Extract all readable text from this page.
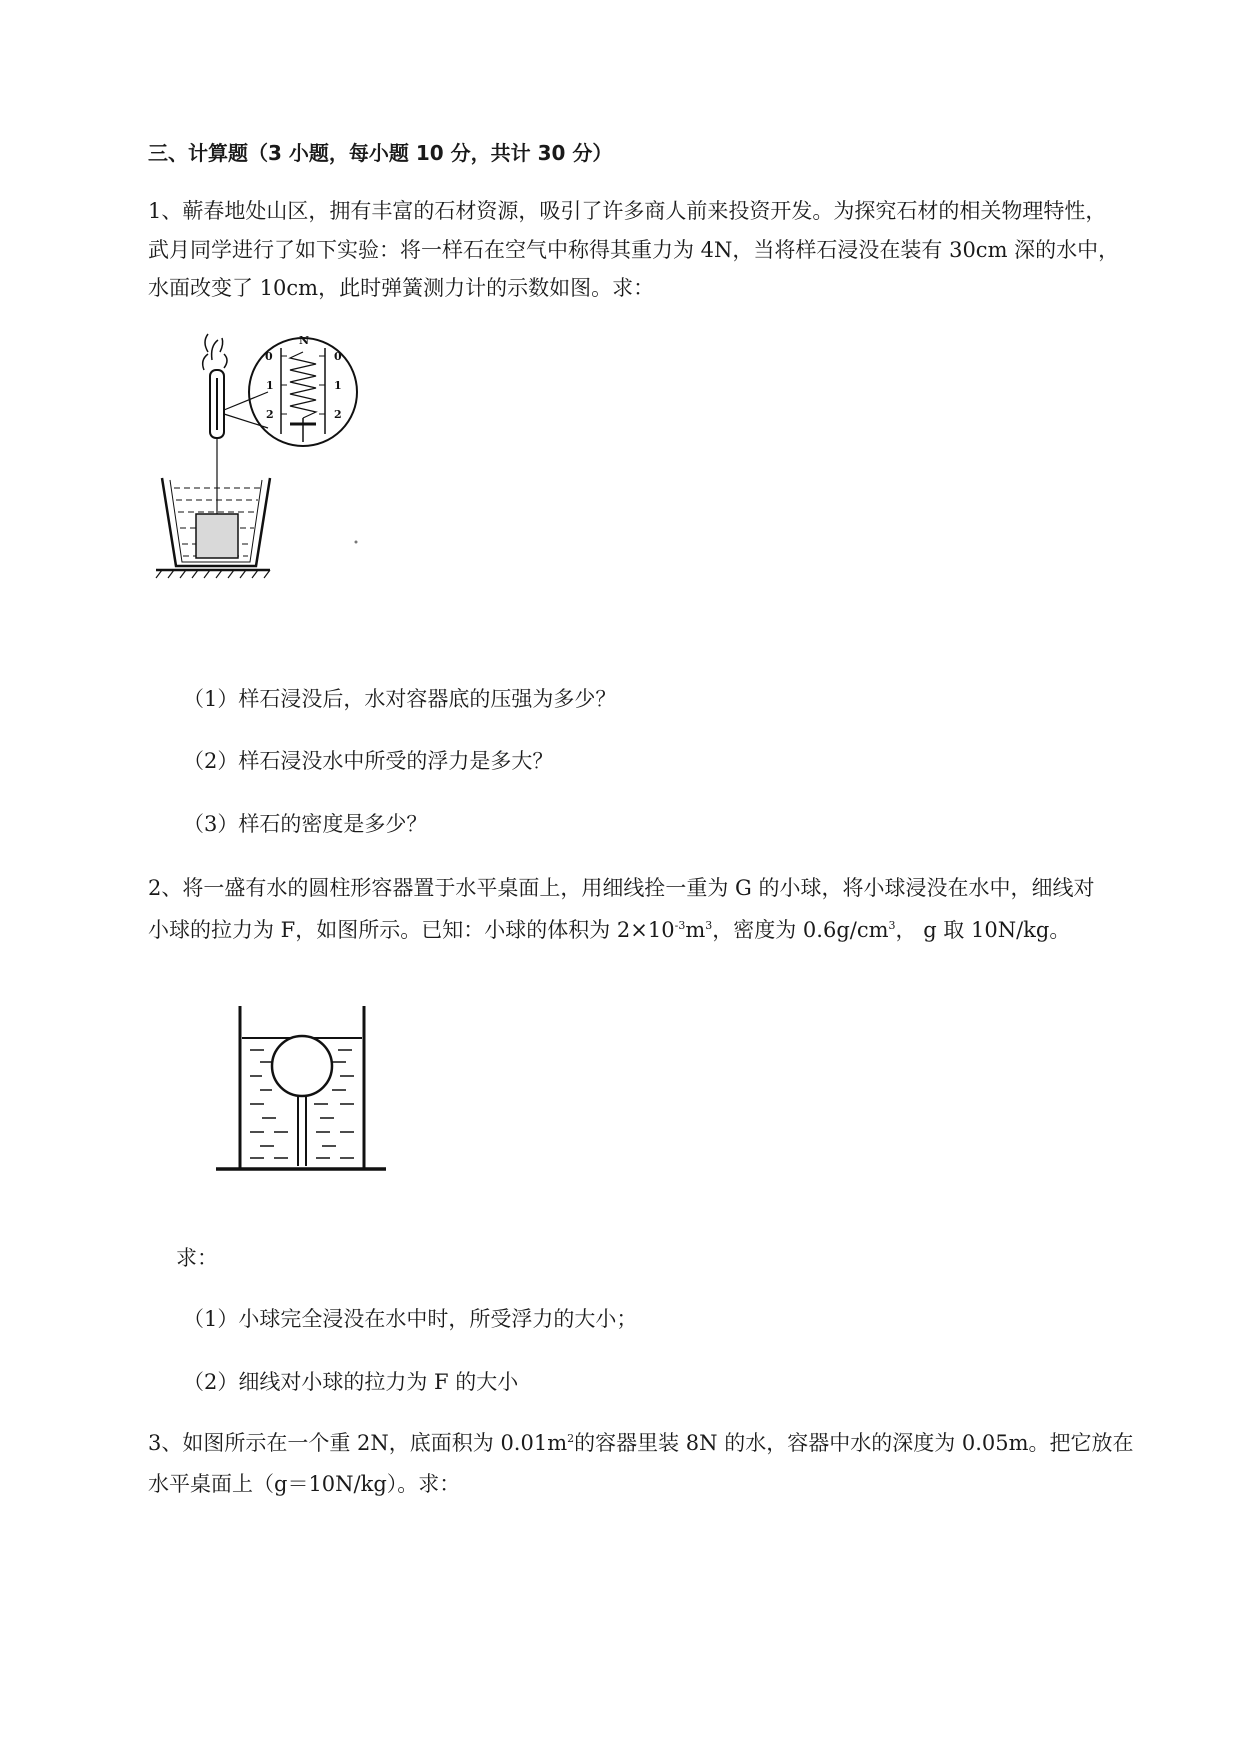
三、计算题（3 小题，每小题 10 分，共计 30 分）
1、蕲春地处山区，拥有丰富的石材资源，吸引了许多商人前来投资开发。为探究石材的相关物理特性，
武月同学进行了如下实验：将一样石在空气中称得其重力为 4N，当将样石浸没在装有 30cm 深的水中，
水面改变了 10cm，此时弹簧测力计的示数如图。求：
N
0	0
1	1
2	2
（1）样石浸没后，水对容器底的压强为多少？
（2）样石浸没水中所受的浮力是多大？
（3）样石的密度是多少？
2、将一盛有水的圆柱形容器置于水平桌面上，用细线拴一重为 G 的小球，将小球浸没在水中，细线对
小球的拉力为 F，如图所示。已知：小球的体积为 $2\times 10^{-3}m^3$，密度为 $0.6g/cm^3$， g 取 10N/kg。
求：
（1）小球完全浸没在水中时，所受浮力的大小；
（2）细线对小球的拉力为 F 的大小
3、如图所示在一个重 2N，底面积为 $0.01m^2$的容器里装 8N 的水，容器中水的深度为 0.05m。把它放在
水平桌面上（g＝10N/kg）。求：
